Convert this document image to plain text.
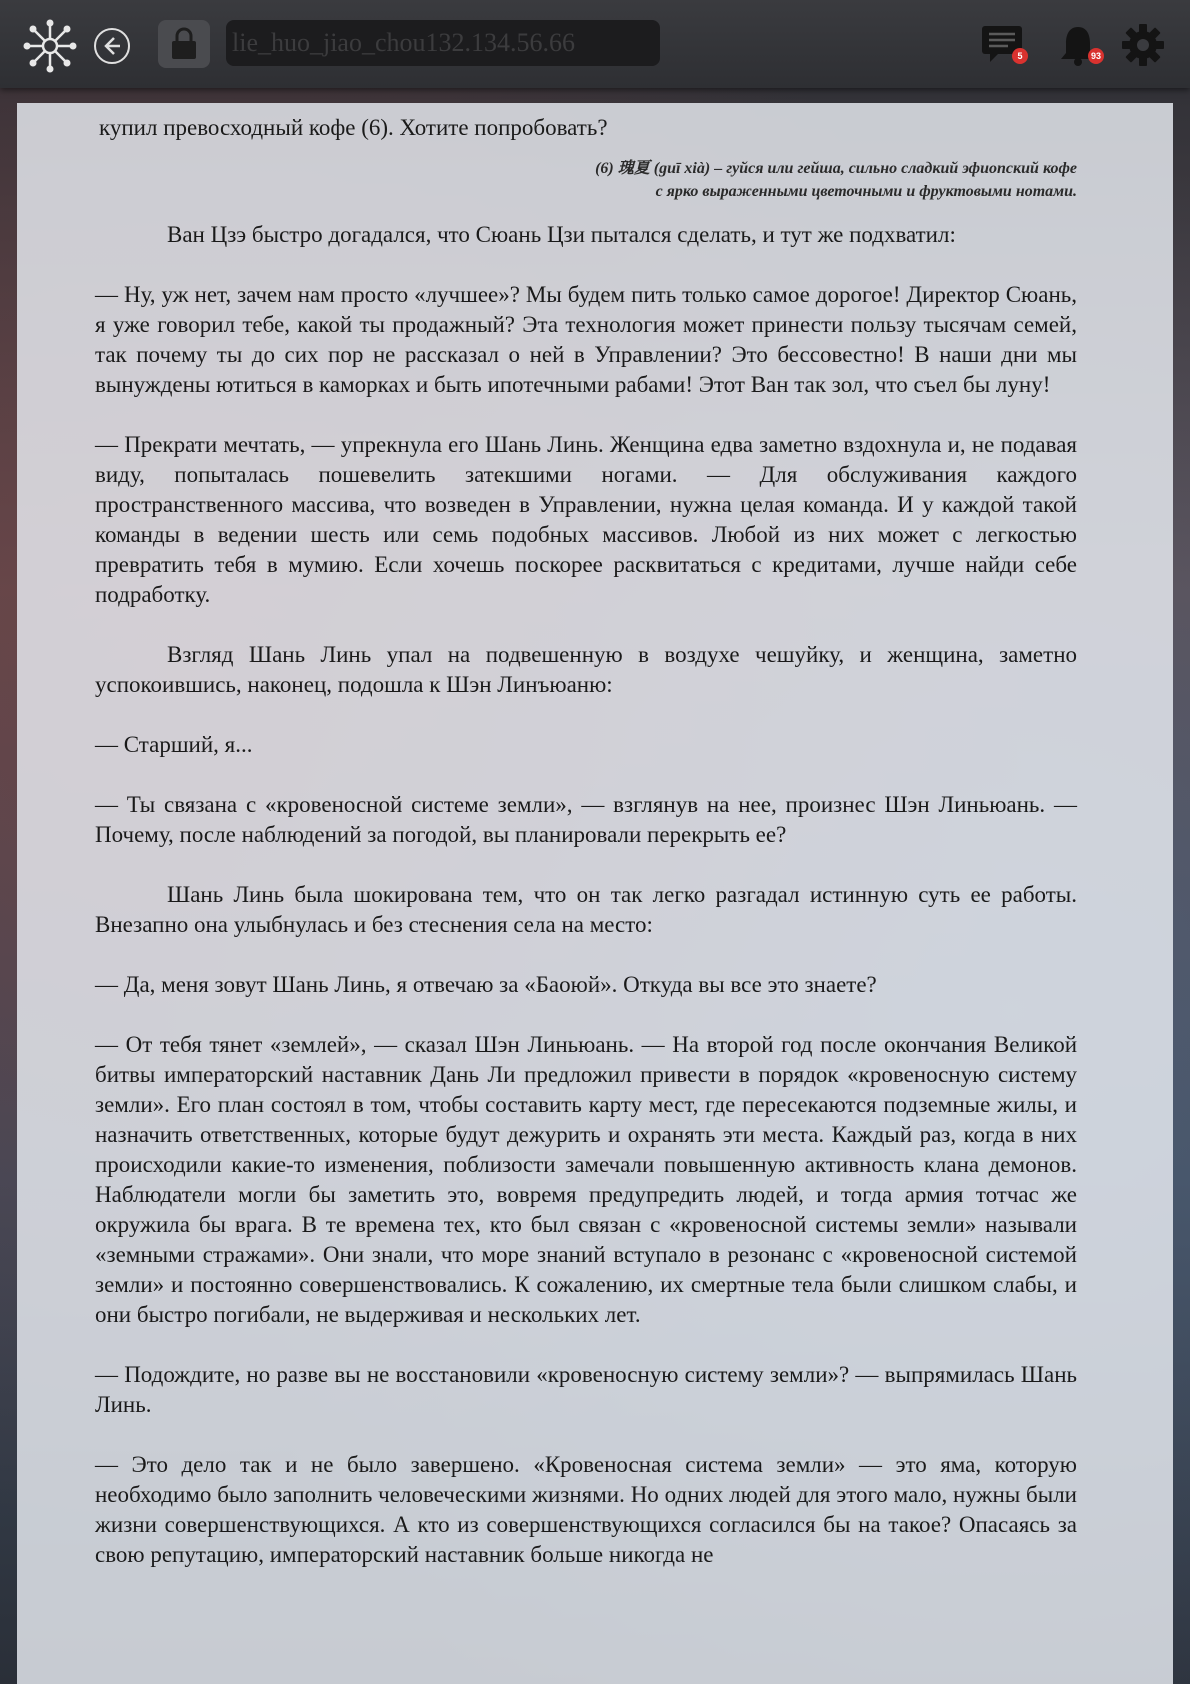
lie_huo_jiao_chou132.134.56.66	5	93

купил превосходный кофе (6). Хотите попробовать?

(6) 瑰夏 (guī xià) – гуйся или гейша, сильно сладкий эфиопский кофе

с ярко выраженными цветочными и фруктовыми нотами.

Ван Цзэ быстро догадался, что Сюань Цзи пытался сделать, и тут же подхватил:

— Ну, уж нет, зачем нам просто «лучшее»? Мы будем пить только самое дорогое! Директор Сюань, я уже говорил тебе, какой ты продажный? Эта технология может принести пользу тысячам семей, так почему ты до сих пор не рассказал о ней в Управлении? Это бессовестно! В наши дни мы вынуждены ютиться в каморках и быть ипотечными рабами! Этот Ван так зол, что съел бы луну!

— Прекрати мечтать, — упрекнула его Шань Линь. Женщина едва заметно вздохнула и, не подавая виду, попыталась пошевелить затекшими ногами. — Для обслуживания каждого пространственного массива, что возведен в Управлении, нужна целая команда. И у каждой такой команды в ведении шесть или семь подобных массивов. Любой из них может с легкостью превратить тебя в мумию. Если хочешь поскорее расквитаться с кредитами, лучше найди себе подработку.

Взгляд Шань Линь упал на подвешенную в воздухе чешуйку, и женщина, заметно успокоившись, наконец, подошла к Шэн Линъюаню:

— Старший, я...

— Ты связана с «кровеносной системе земли», — взглянув на нее, произнес Шэн Линьюань. — Почему, после наблюдений за погодой, вы планировали перекрыть ее?

Шань Линь была шокирована тем, что он так легко разгадал истинную суть ее работы. Внезапно она улыбнулась и без стеснения села на место:

— Да, меня зовут Шань Линь, я отвечаю за «Баоюй». Откуда вы все это знаете?

— От тебя тянет «землей», — сказал Шэн Линьюань. — На второй год после окончания Великой битвы императорский наставник Дань Ли предложил привести в порядок «кровеносную систему земли». Его план состоял в том, чтобы составить карту мест, где пересекаются подземные жилы, и назначить ответственных, которые будут дежурить и охранять эти места. Каждый раз, когда в них происходили какие-то изменения, поблизости замечали повышенную активность клана демонов. Наблюдатели могли бы заметить это, вовремя предупредить людей, и тогда армия тотчас же окружила бы врага. В те времена тех, кто был связан с «кровеносной системы земли» называли «земными стражами». Они знали, что море знаний вступало в резонанс с «кровеносной системой земли» и постоянно совершенствовались. К сожалению, их смертные тела были слишком слабы, и они быстро погибали, не выдерживая и нескольких лет.

— Подождите, но разве вы не восстановили «кровеносную систему земли»? — выпрямилась Шань Линь.

— Это дело так и не было завершено. «Кровеносная система земли» — это яма, которую необходимо было заполнить человеческими жизнями. Но одних людей для этого мало, нужны были жизни совершенствующихся. А кто из совершенствующихся согласился бы на такое? Опасаясь за свою репутацию, императорский наставник больше никогда не
